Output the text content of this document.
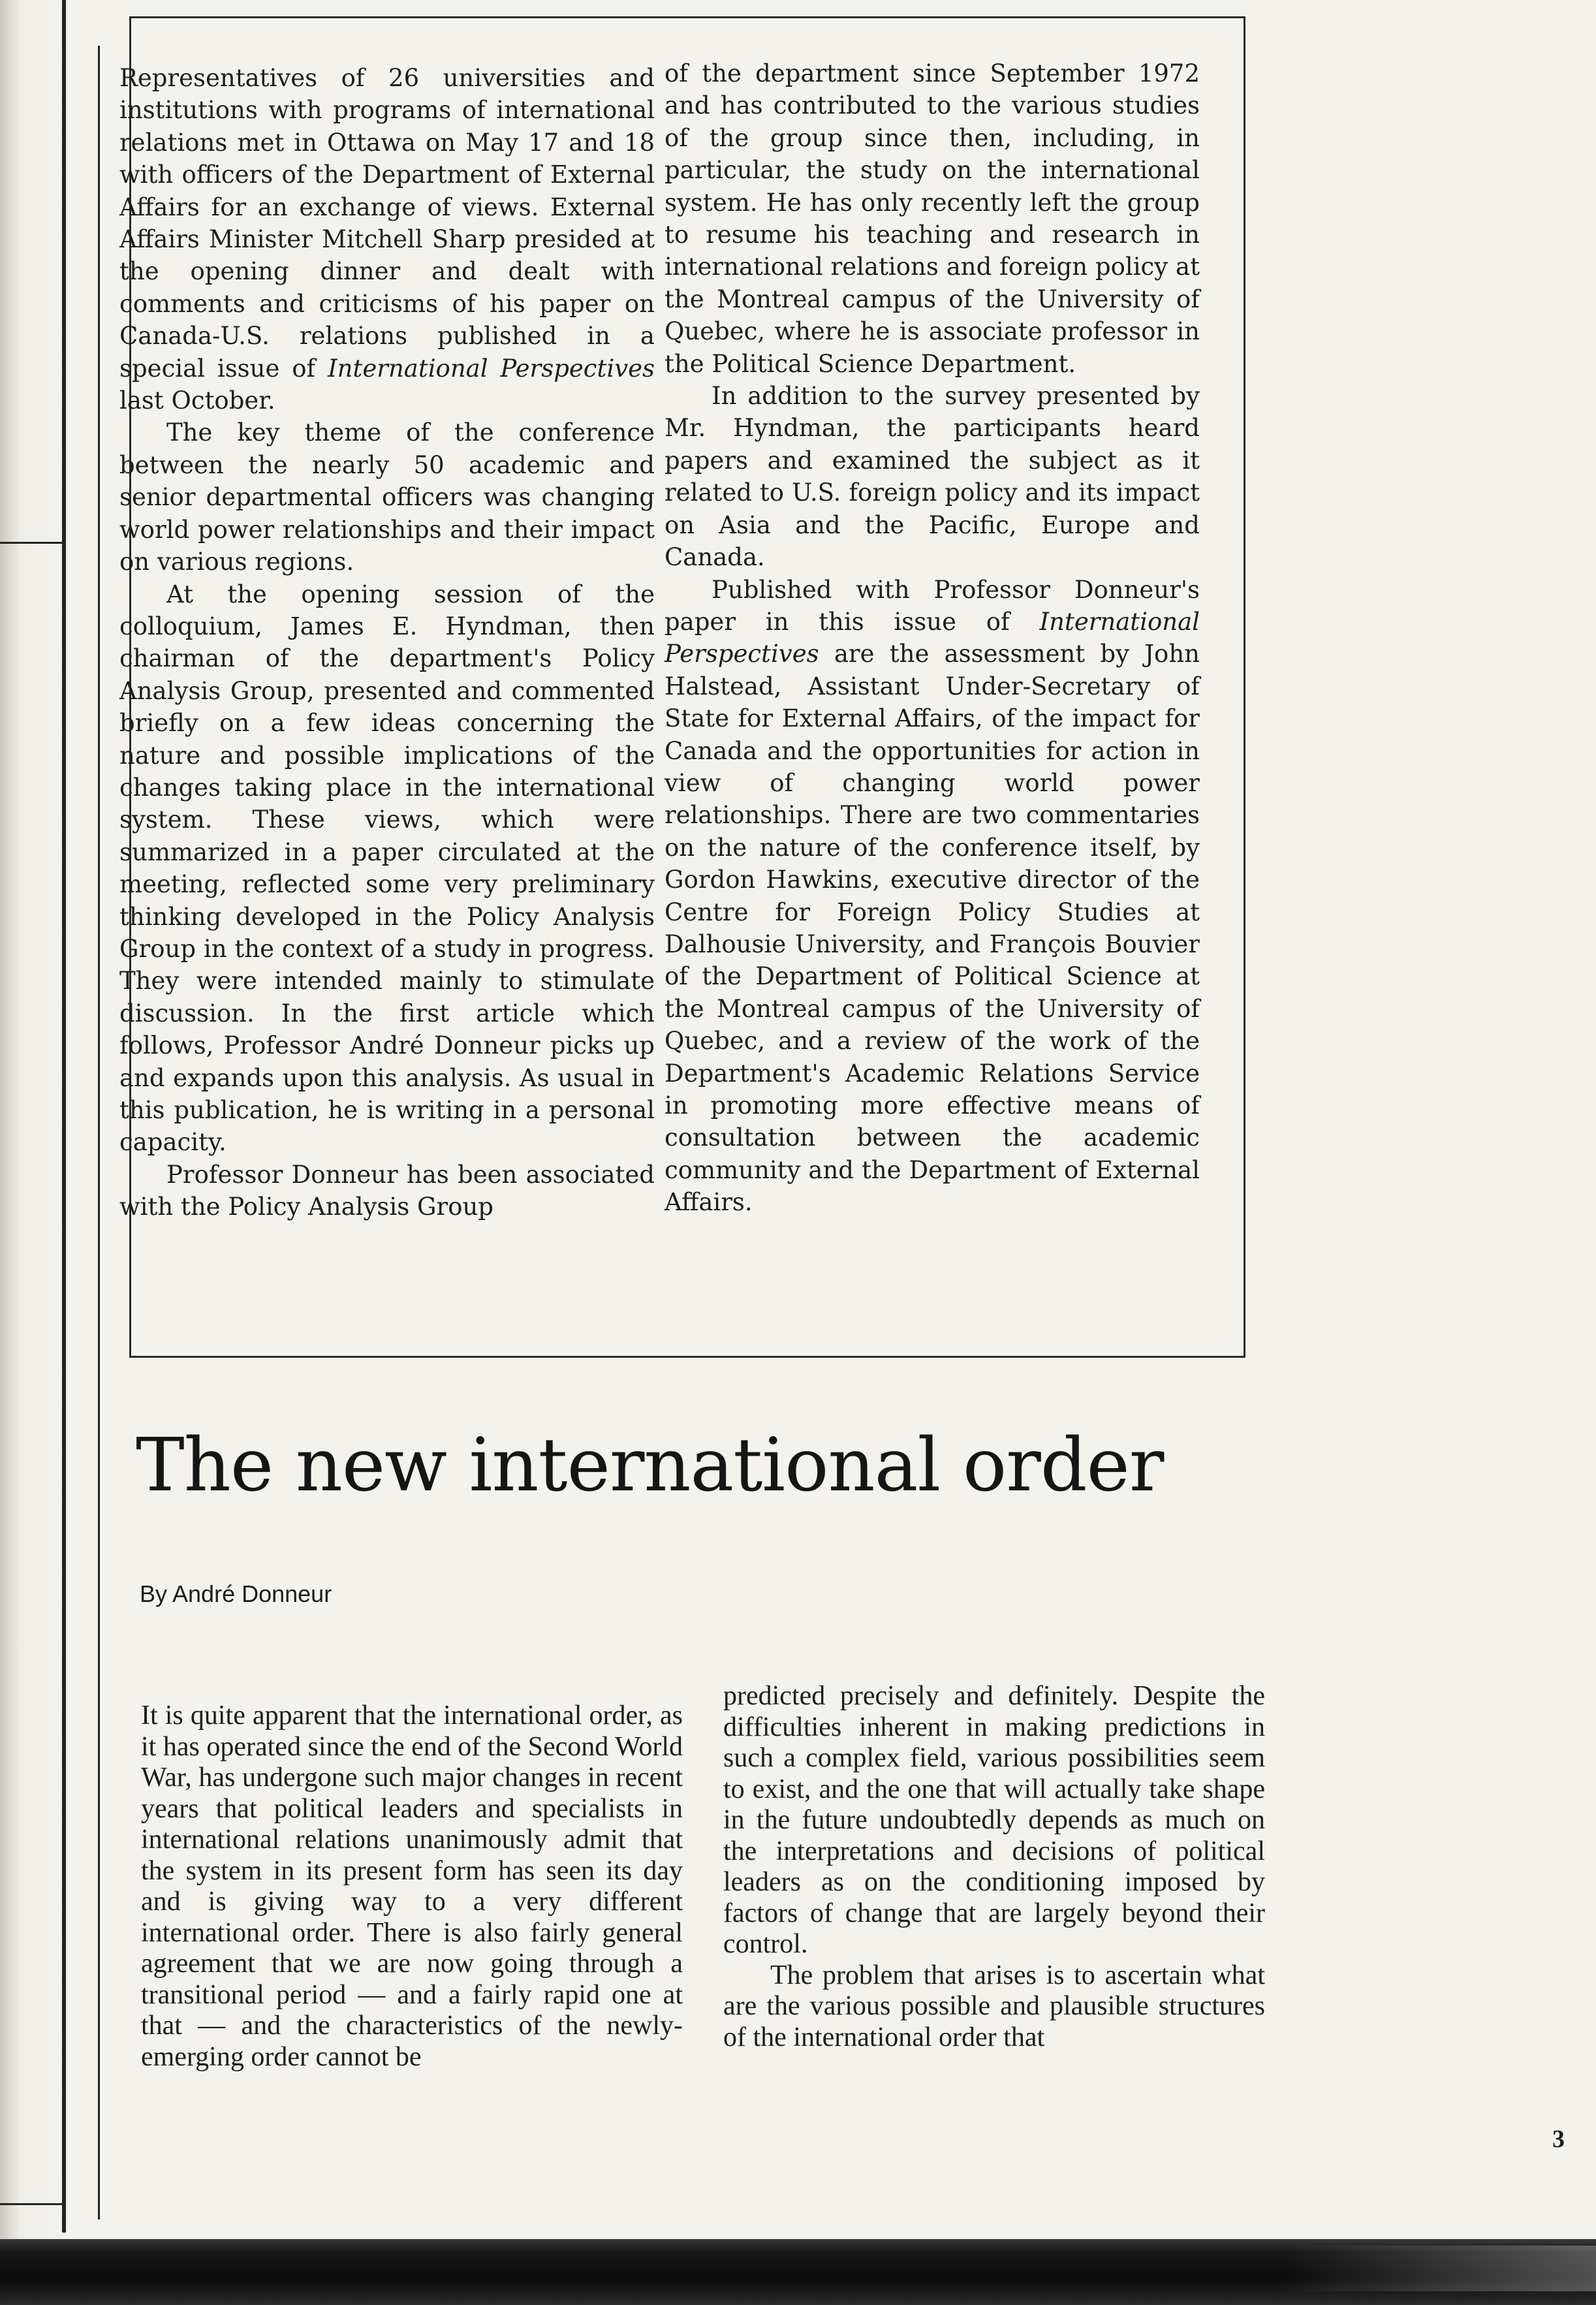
Representatives of 26 universities and institutions with programs of international relations met in Ottawa on May 17 and 18 with officers of the Department of External Affairs for an exchange of views. External Affairs Minister Mitchell Sharp presided at the opening dinner and dealt with comments and criticisms of his paper on Canada-U.S. relations published in a special issue of International Perspectives last October.

The key theme of the conference between the nearly 50 academic and senior departmental officers was changing world power relationships and their impact on various regions.

At the opening session of the colloquium, James E. Hyndman, then chairman of the department's Policy Analysis Group, presented and commented briefly on a few ideas concerning the nature and possible implications of the changes taking place in the international system. These views, which were summarized in a paper circulated at the meeting, reflected some very preliminary thinking developed in the Policy Analysis Group in the context of a study in progress. They were intended mainly to stimulate discussion. In the first article which follows, Professor André Donneur picks up and expands upon this analysis. As usual in this publication, he is writing in a personal capacity.

Professor Donneur has been associated with the Policy Analysis Group

of the department since September 1972 and has contributed to the various studies of the group since then, including, in particular, the study on the international system. He has only recently left the group to resume his teaching and research in international relations and foreign policy at the Montreal campus of the University of Quebec, where he is associate professor in the Political Science Department.

In addition to the survey presented by Mr. Hyndman, the participants heard papers and examined the subject as it related to U.S. foreign policy and its impact on Asia and the Pacific, Europe and Canada.

Published with Professor Donneur's paper in this issue of International Perspectives are the assessment by John Halstead, Assistant Under-Secretary of State for External Affairs, of the impact for Canada and the opportunities for action in view of changing world power relationships. There are two commentaries on the nature of the conference itself, by Gordon Hawkins, executive director of the Centre for Foreign Policy Studies at Dalhousie University, and François Bouvier of the Department of Political Science at the Montreal campus of the University of Quebec, and a review of the work of the Department's Academic Relations Service in promoting more effective means of consultation between the academic community and the Department of External Affairs.

The new international order

By André Donneur

It is quite apparent that the international order, as it has operated since the end of the Second World War, has undergone such major changes in recent years that political leaders and specialists in international relations unanimously admit that the system in its present form has seen its day and is giving way to a very different international order. There is also fairly general agreement that we are now going through a transitional period — and a fairly rapid one at that — and the characteristics of the newly-emerging order cannot be

predicted precisely and definitely. Despite the difficulties inherent in making predictions in such a complex field, various possibilities seem to exist, and the one that will actually take shape in the future undoubtedly depends as much on the interpretations and decisions of political leaders as on the conditioning imposed by factors of change that are largely beyond their control.

The problem that arises is to ascertain what are the various possible and plausible structures of the international order that

3
